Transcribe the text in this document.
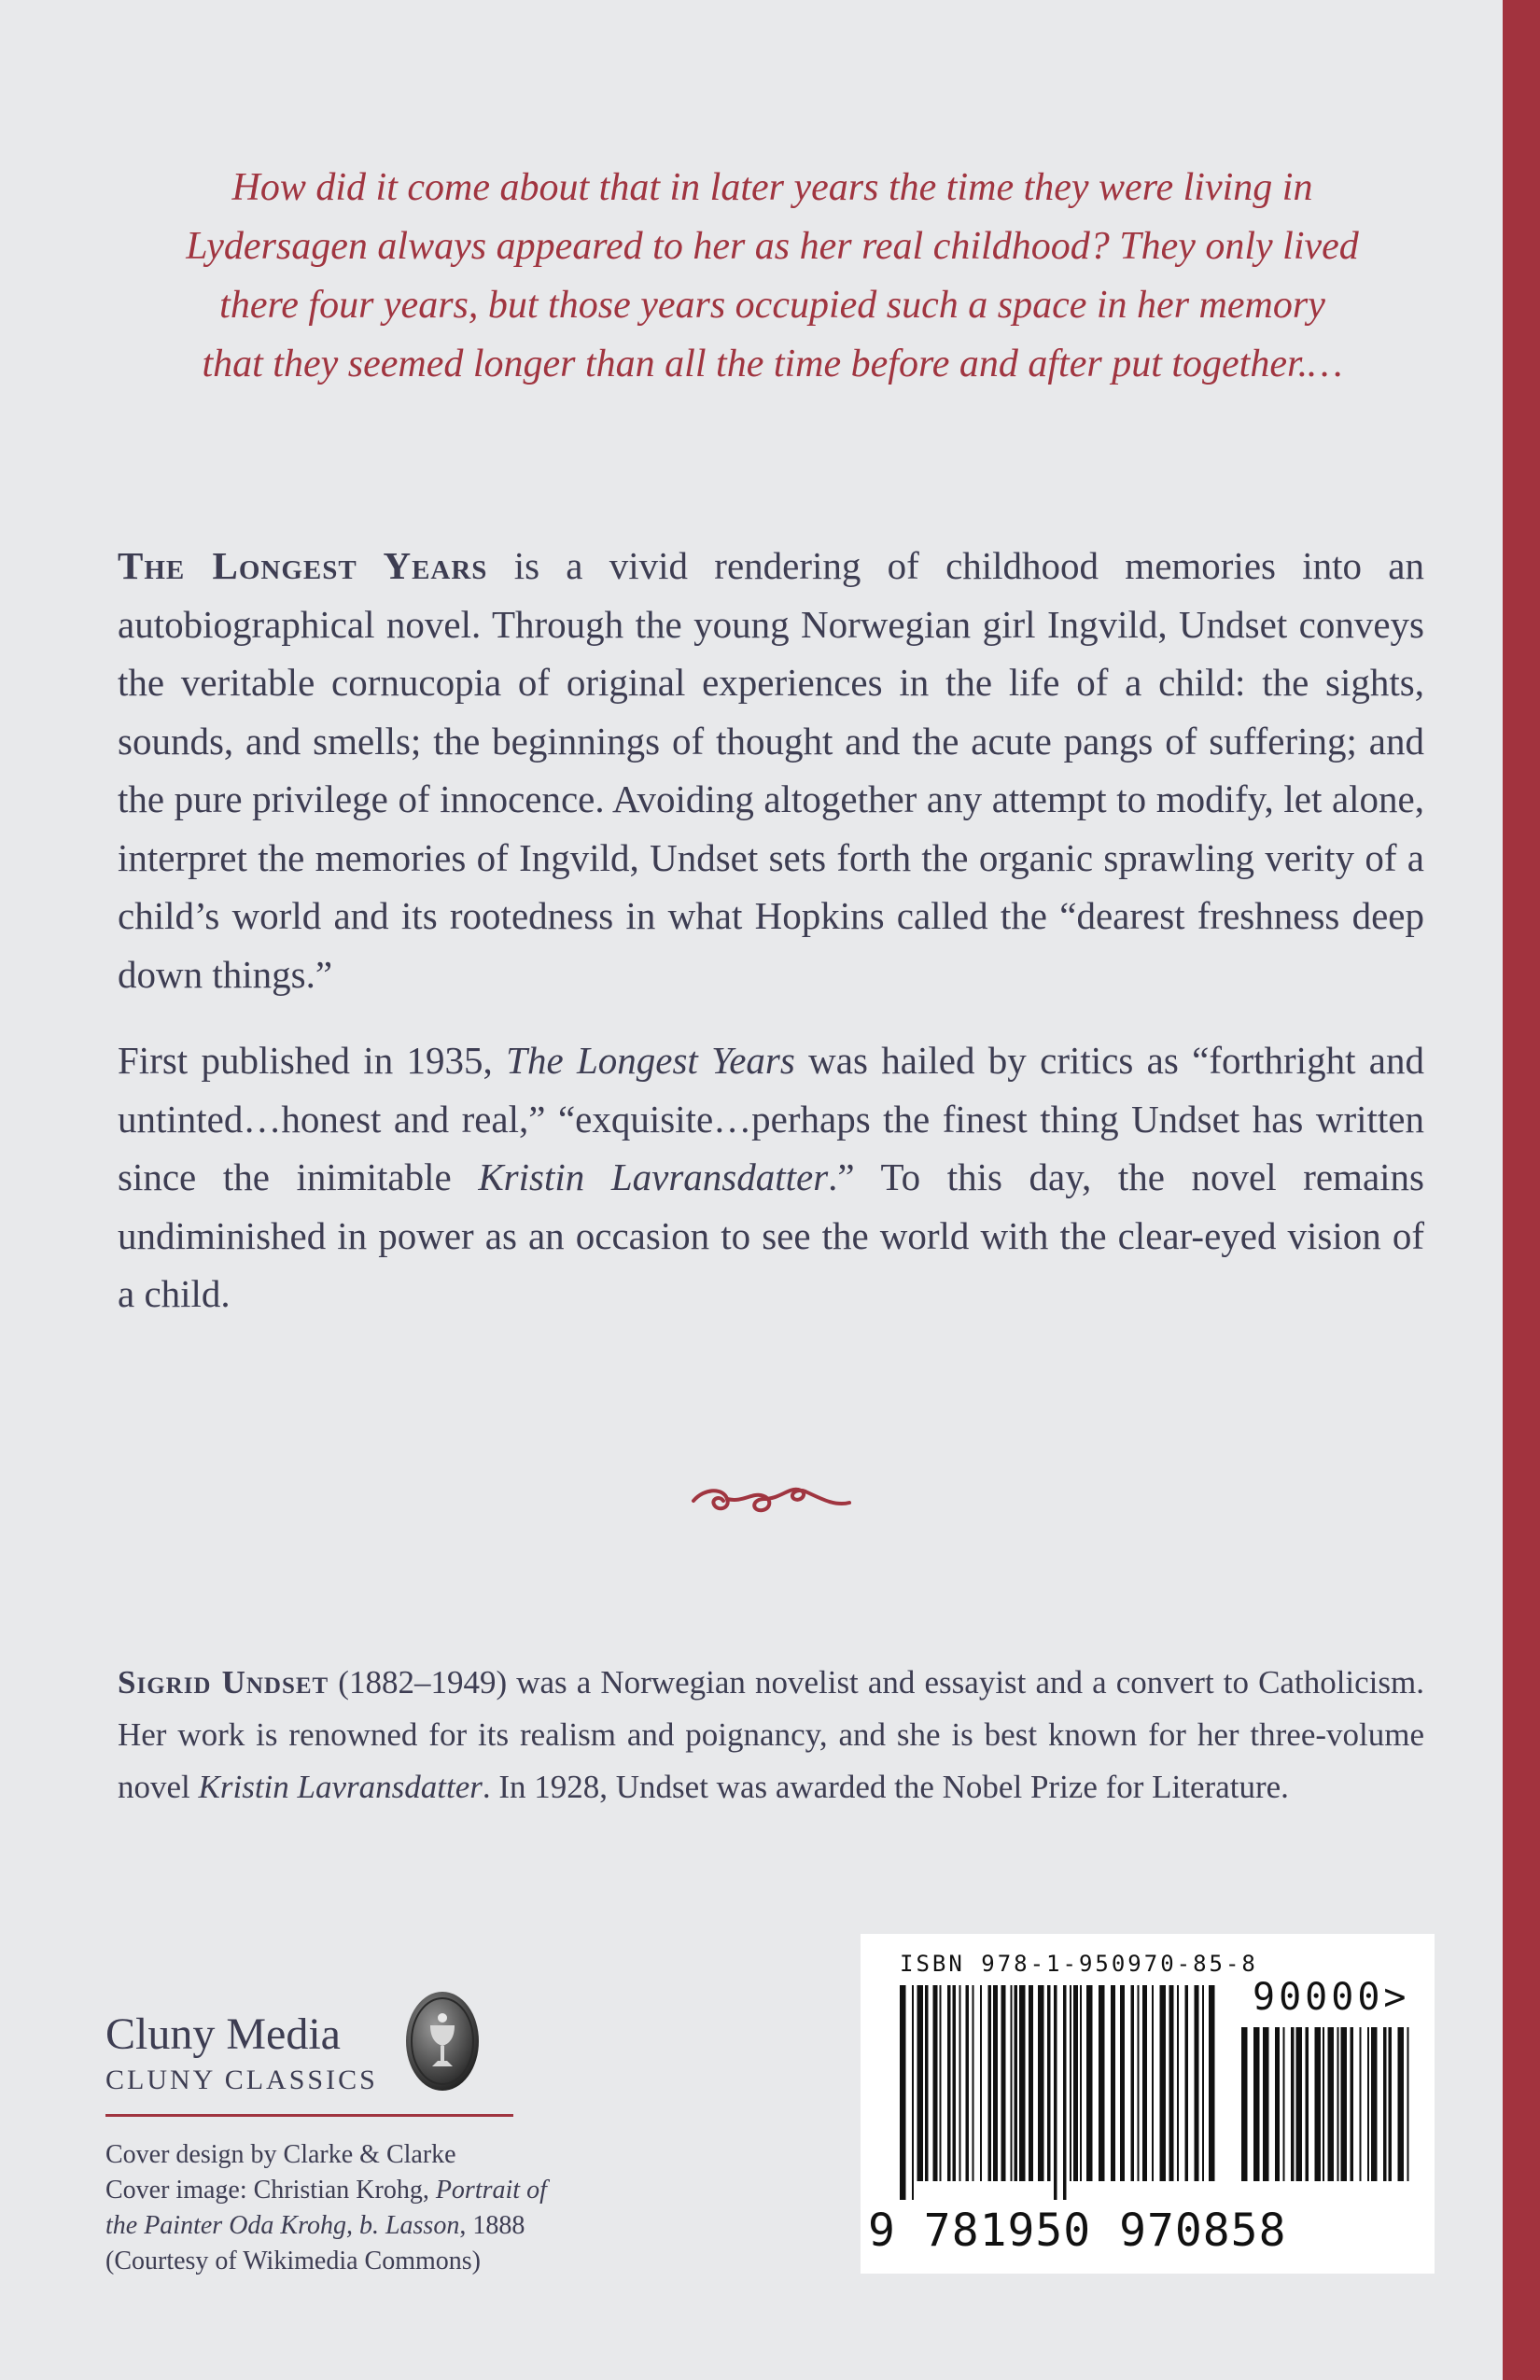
How did it come about that in later years the time they were living in
Lydersagen always appeared to her as her real childhood? They only lived
there four years, but those years occupied such a space in her memory
that they seemed longer than all the time before and after put together.…

The Longest Years is a vivid rendering of childhood memories into an autobiographical novel. Through the young Norwegian girl Ingvild, Undset conveys the veritable cornucopia of original experiences in the life of a child: the sights, sounds, and smells; the beginnings of thought and the acute pangs of suffering; and the pure privilege of innocence. Avoiding altogether any attempt to modify, let alone, interpret the memories of Ingvild, Undset sets forth the organic sprawling verity of a child’s world and its rootedness in what Hopkins called the “dearest freshness deep down things.”

First published in 1935, The Longest Years was hailed by critics as “forthright and untinted…honest and real,” “exquisite…perhaps the finest thing Undset has written since the inimitable Kristin Lavransdatter.” To this day, the novel remains undiminished in power as an occasion to see the world with the clear-eyed vision of a child.

Sigrid Undset (1882–1949) was a Norwegian novelist and essayist and a convert to Catholicism. Her work is renowned for its realism and poignancy, and she is best known for her three-volume novel Kristin Lavransdatter. In 1928, Undset was awarded the Nobel Prize for Literature.

Cluny Media
CLUNY CLASSICS
Cover design by Clarke & Clarke
Cover image: Christian Krohg, Portrait of
the Painter Oda Krohg, b. Lasson, 1888
(Courtesy of Wikimedia Commons)
ISBN 978-1-950970-85-8
90000>
9 781950 970858
